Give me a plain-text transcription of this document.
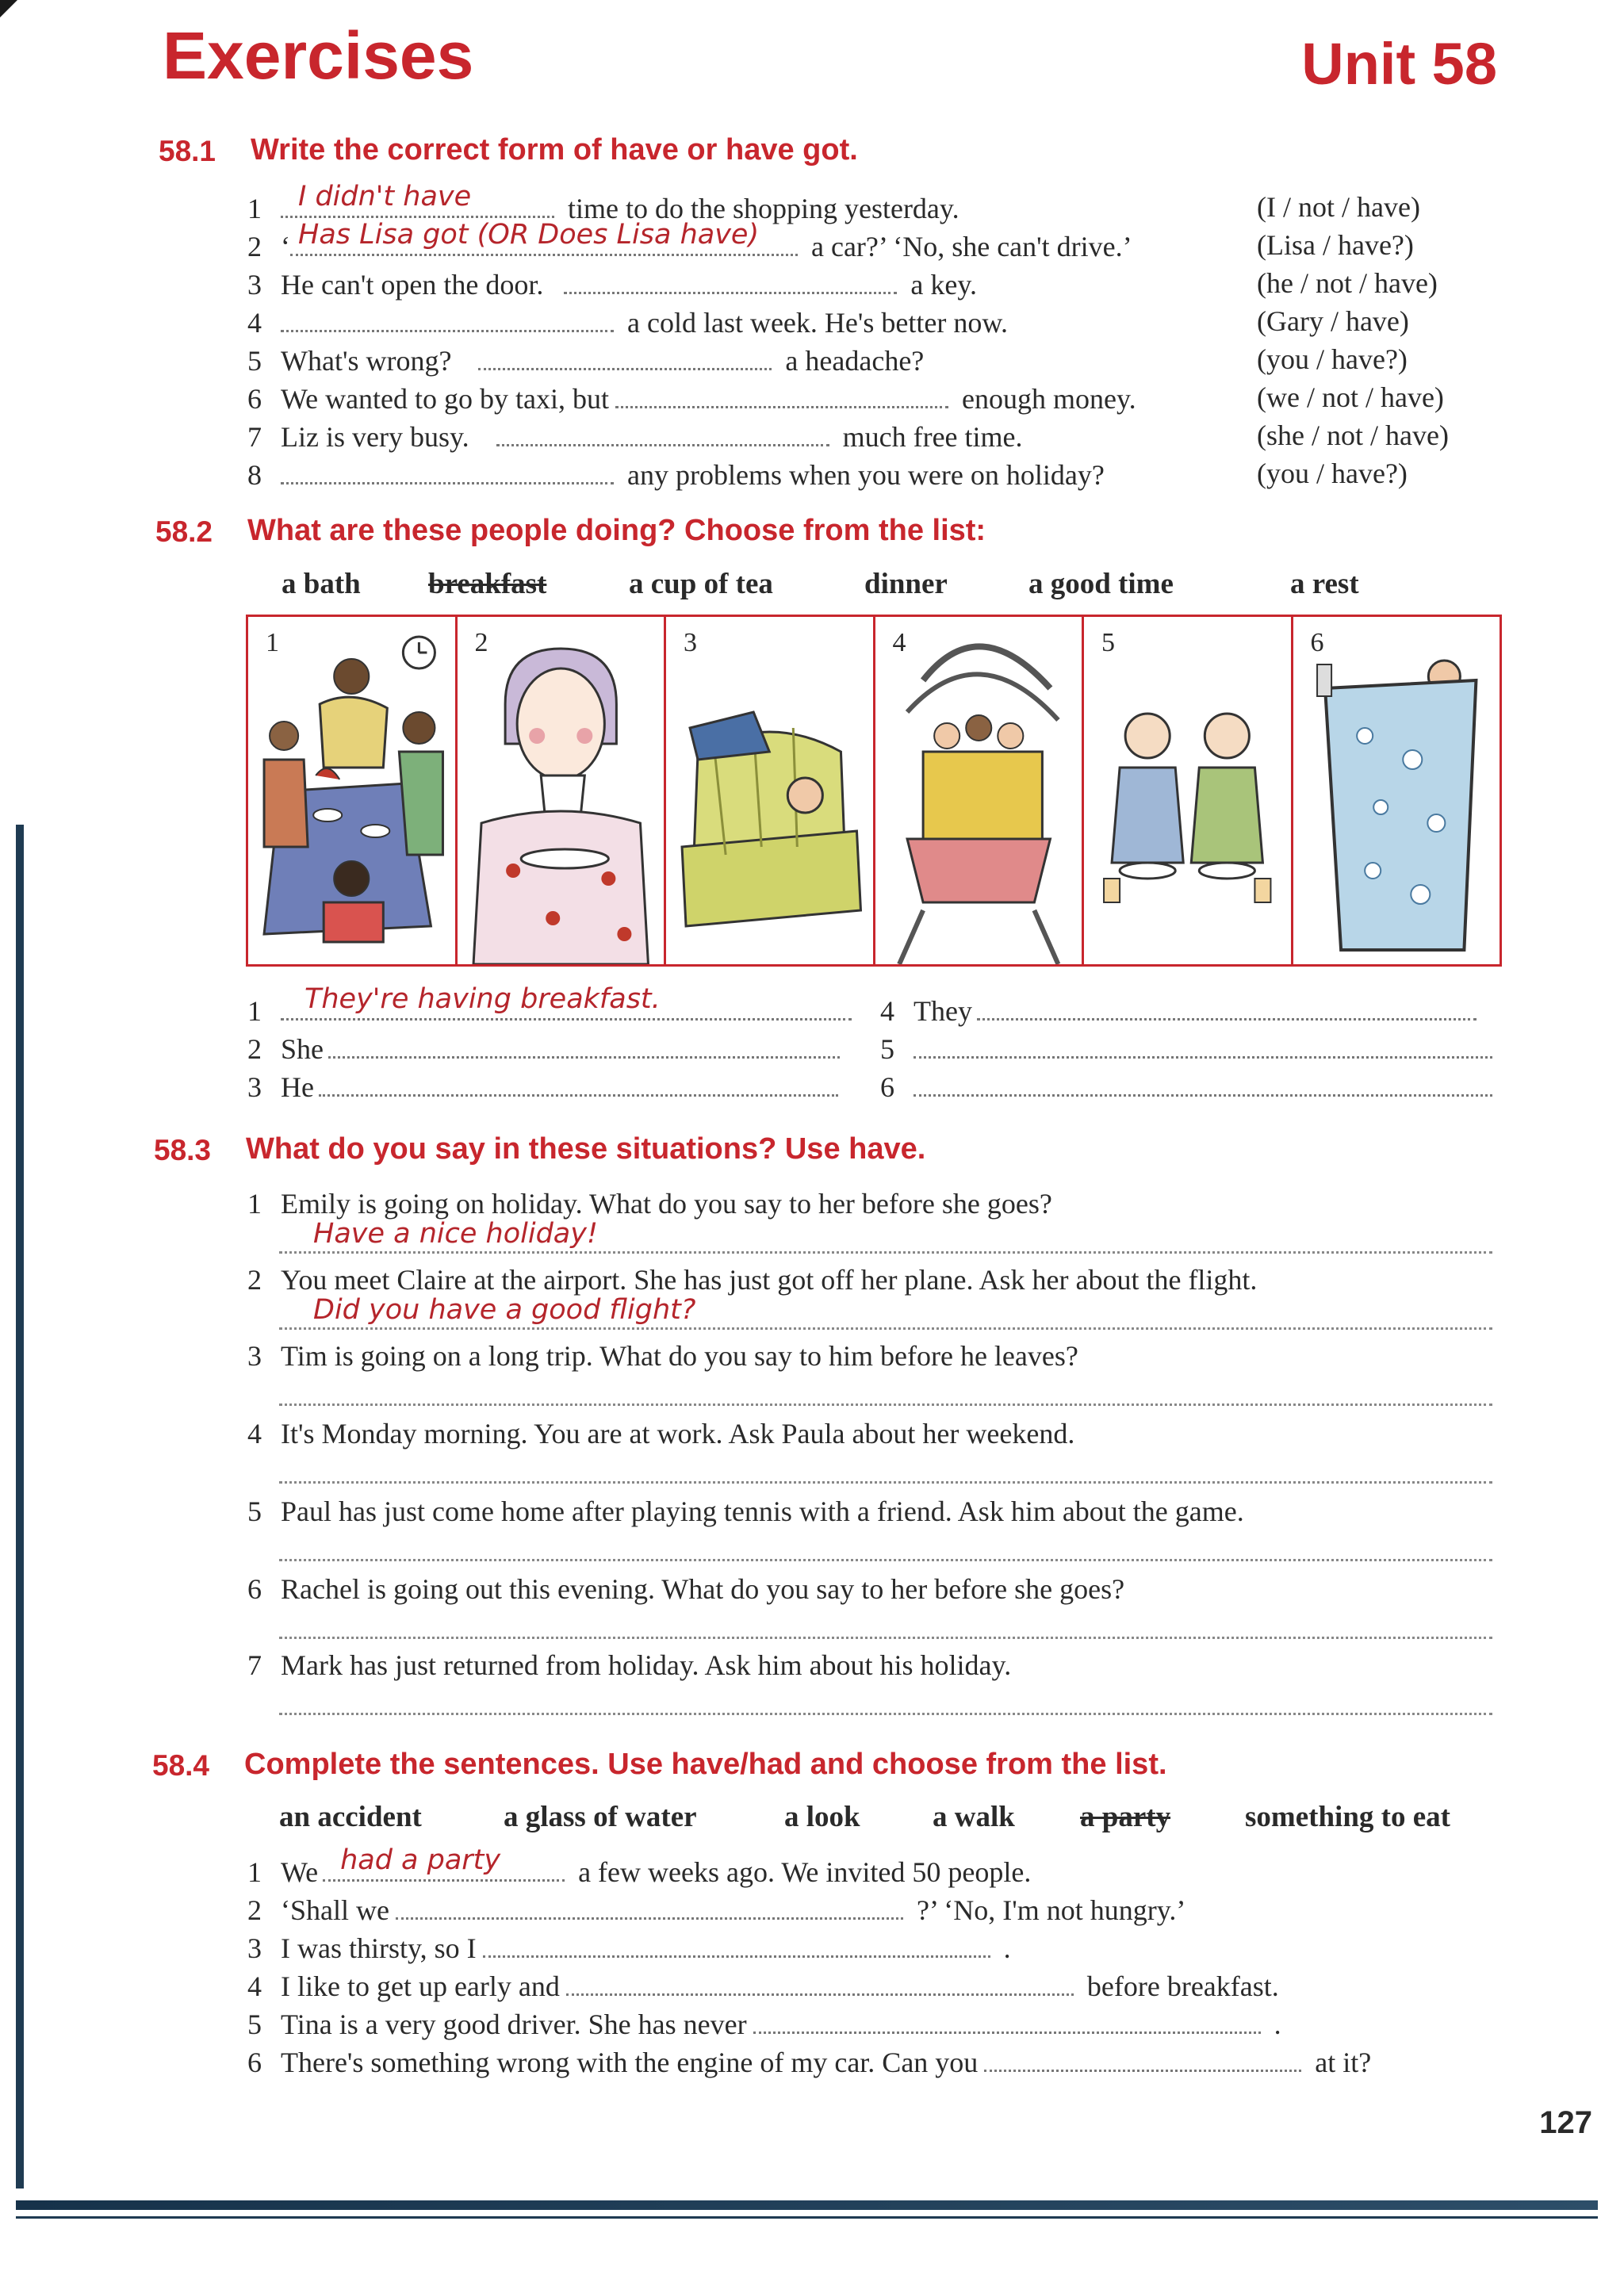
Exercises	Unit 58
58.1 Write the correct form of have or have got.
1 I didn't have	time to do the shopping yesterday.	(I / not / have)
2 ‘ Has Lisa got (OR Does Lisa have) a car?’ ‘No, she can't drive.’	(Lisa / have?)
3 He can't open the door.	a key.	(he / not / have)
4	a cold last week. He's better now.	(Gary / have)
5 What's wrong?	a headache?	(you / have?)
6 We wanted to go by taxi, but	enough money.	(we / not / have)
7 Liz is very busy.	much free time.	(she / not / have)
8	any problems when you were on holiday?	(you / have?)
58.2 What are these people doing? Choose from the list:
a bath breakfast	a cup of tea	dinner	a good time	a rest
1	2	3	4	5	6
1 They're having breakfast.
2 She
3 He
4 They
5
6
58.3 What do you say in these situations? Use have.
1 Emily is going on holiday. What do you say to her before she goes?
Have a nice holiday!
2 You meet Claire at the airport. She has just got off her plane. Ask her about the flight.
Did you have a good flight?
3 Tim is going on a long trip. What do you say to him before he leaves?
4 It's Monday morning. You are at work. Ask Paula about her weekend.
5 Paul has just come home after playing tennis with a friend. Ask him about the game.
6 Rachel is going out this evening. What do you say to her before she goes?
7 Mark has just returned from holiday. Ask him about his holiday.
58.4 Complete the sentences. Use have/had and choose from the list.
an accident	a glass of water	a look a walk a party	something to eat
1 We had a party	a few weeks ago. We invited 50 people.
2 ‘Shall we	?’ ‘No, I'm not hungry.’
3 I was thirsty, so I	.
4 I like to get up early and	before breakfast.
5 Tina is a very good driver. She has never	.
6 There's something wrong with the engine of my car. Can you	at it?
127
